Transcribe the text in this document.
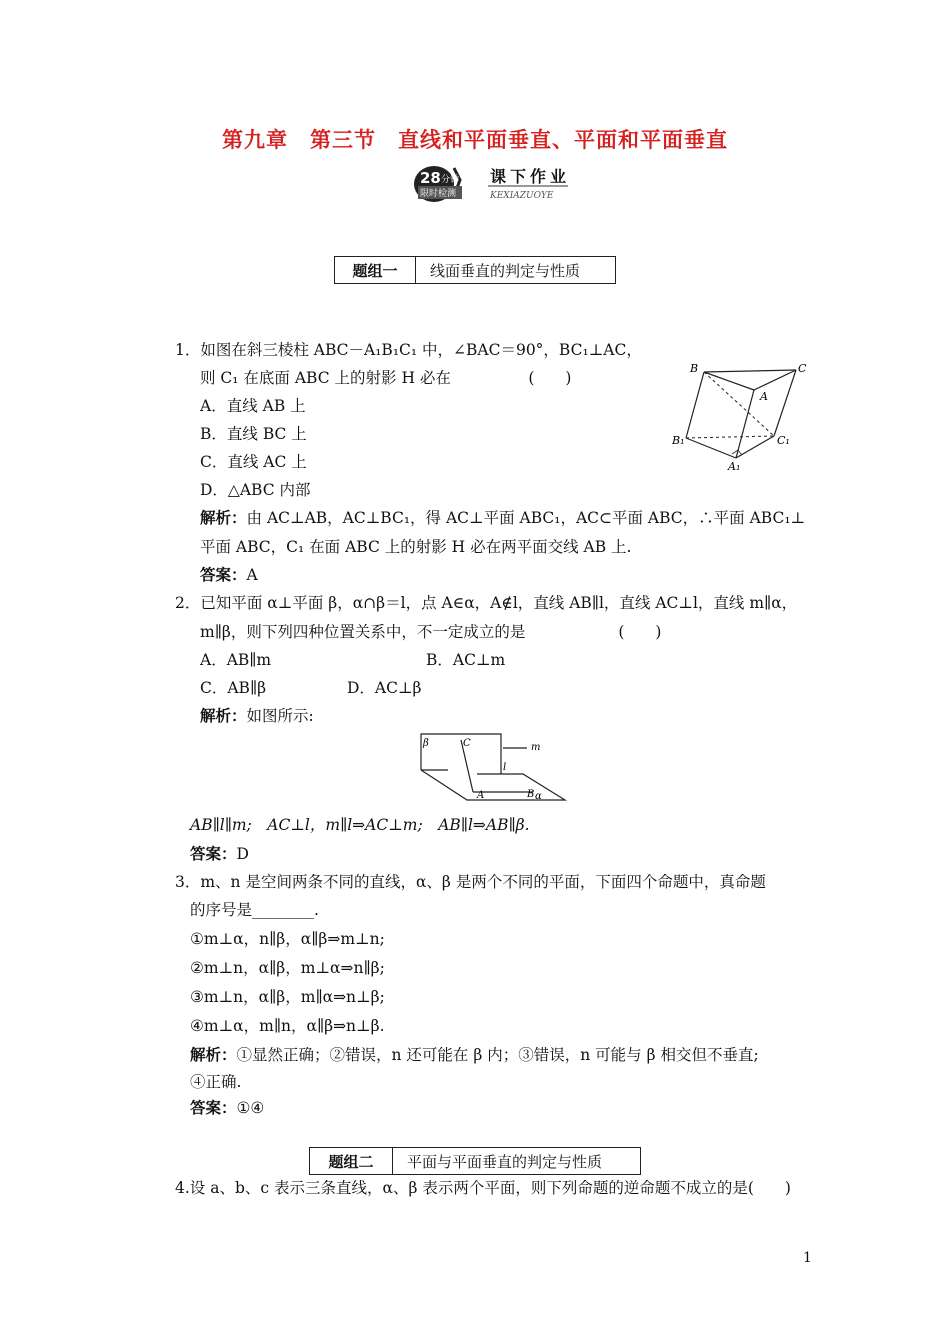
第九章　第三节　直线和平面垂直、平面和平面垂直
28 分钟
限时检测
课下作业
KEXIAZUOYE
题组一	线面垂直的判定与性质
1．如图在斜三棱柱 ABC－A₁B₁C₁ 中，∠BAC＝90°，BC₁⊥AC，
则 C₁ 在底面 ABC 上的射影 H 必在　　　　　(　　)
A．直线 AB 上
B．直线 BC 上
C．直线 AC 上
D．△ABC 内部
解析：由 AC⊥AB，AC⊥BC₁，得 AC⊥平面 ABC₁，AC⊂平面 ABC，∴平面 ABC₁⊥
平面 ABC，C₁ 在面 ABC 上的射影 H 必在两平面交线 AB 上.
答案：A
B	C
A
B₁	C₁
A₁
2．已知平面 α⊥平面 β，α∩β＝l，点 A∈α，A∉l，直线 AB∥l，直线 AC⊥l，直线 m∥α，
m∥β，则下列四种位置关系中，不一定成立的是　　　　　　(　　)
A．AB∥m	B．AC⊥m
C．AB∥β	D．AC⊥β
解析：如图所示:
β	C	m
l
A	B α
AB∥l∥m;　AC⊥l，m∥l⇒AC⊥m;　AB∥l⇒AB∥β.
答案：D
3．m、n 是空间两条不同的直线，α、β 是两个不同的平面，下面四个命题中，真命题
的序号是________.
①m⊥α，n∥β，α∥β⇒m⊥n;
②m⊥n，α∥β，m⊥α⇒n∥β;
③m⊥n，α∥β，m∥α⇒n⊥β;
④m⊥α，m∥n，α∥β⇒n⊥β.
解析：①显然正确；②错误，n 还可能在 β 内；③错误，n 可能与 β 相交但不垂直;
④正确.
答案：①④
题组二	平面与平面垂直的判定与性质
4.设 a、b、c 表示三条直线，α、β 表示两个平面，则下列命题的逆命题不成立的是(　　)
1
